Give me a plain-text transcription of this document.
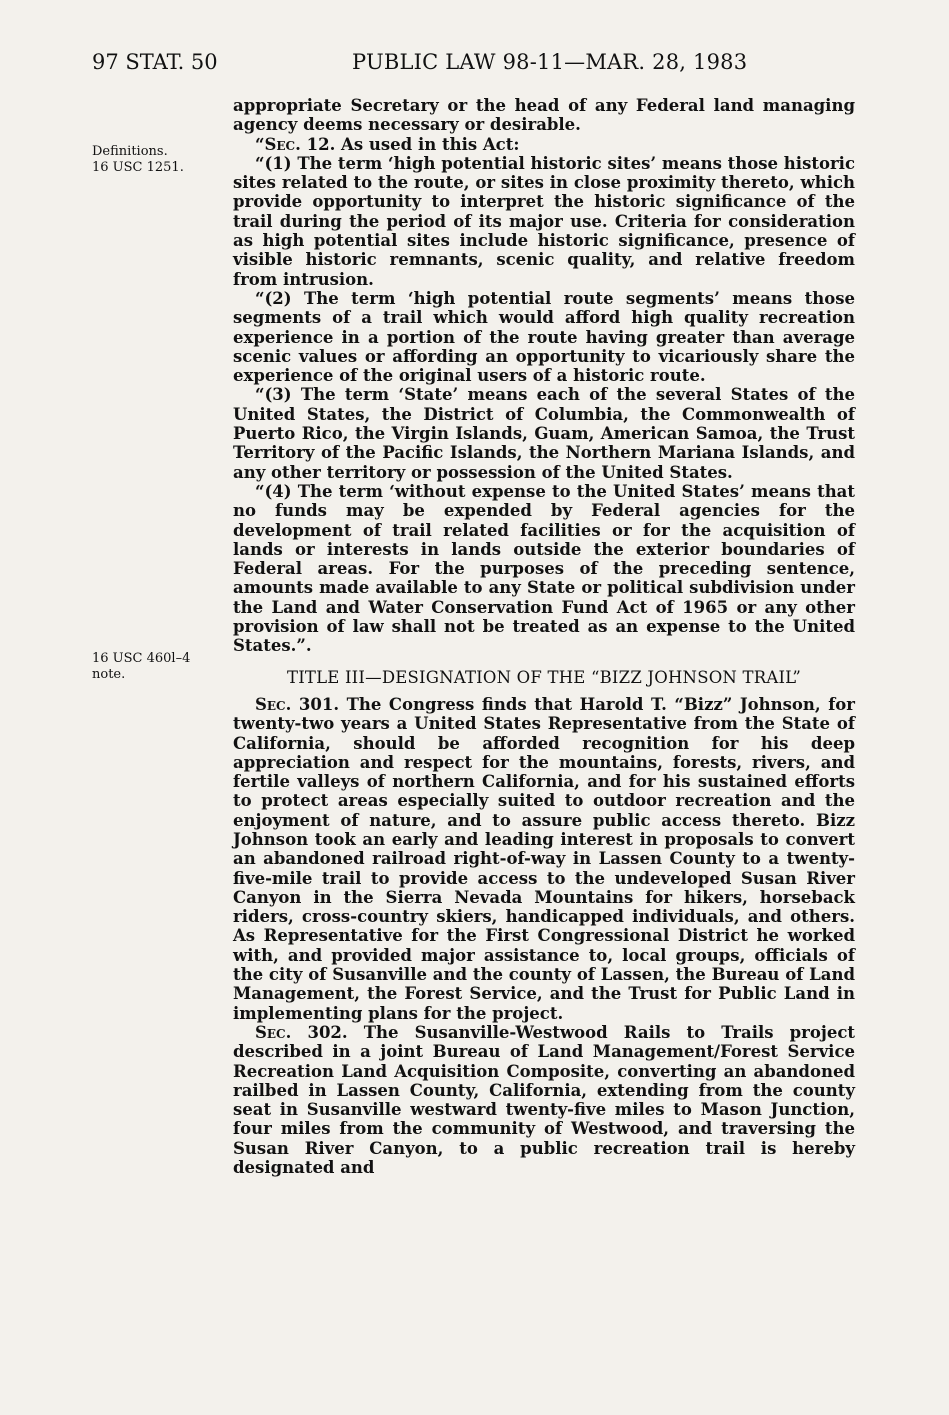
97 STAT. 50	PUBLIC LAW 98-11—MAR. 28, 1983
Definitions.
16 USC 1251.
16 USC 460l–4
note.

appropriate Secretary or the head of any Federal land managing agency deems necessary or desirable.

“Sec. 12. As used in this Act:

“(1) The term ‘high potential historic sites’ means those historic sites related to the route, or sites in close proximity thereto, which provide opportunity to interpret the historic significance of the trail during the period of its major use. Criteria for consideration as high potential sites include historic significance, presence of visible historic remnants, scenic quality, and relative freedom from intrusion.

“(2) The term ‘high potential route segments’ means those segments of a trail which would afford high quality recreation experience in a portion of the route having greater than average scenic values or affording an opportunity to vicariously share the experience of the original users of a historic route.

“(3) The term ‘State’ means each of the several States of the United States, the District of Columbia, the Commonwealth of Puerto Rico, the Virgin Islands, Guam, American Samoa, the Trust Territory of the Pacific Islands, the Northern Mariana Islands, and any other territory or possession of the United States.

“(4) The term ‘without expense to the United States’ means that no funds may be expended by Federal agencies for the development of trail related facilities or for the acquisition of lands or interests in lands outside the exterior boundaries of Federal areas. For the purposes of the preceding sentence, amounts made available to any State or political subdivision under the Land and Water Conservation Fund Act of 1965 or any other provision of law shall not be treated as an expense to the United States.”.

TITLE III—DESIGNATION OF THE “BIZZ JOHNSON TRAIL”

Sec. 301. The Congress finds that Harold T. “Bizz” Johnson, for twenty-two years a United States Representative from the State of California, should be afforded recognition for his deep appreciation and respect for the mountains, forests, rivers, and fertile valleys of northern California, and for his sustained efforts to protect areas especially suited to outdoor recreation and the enjoyment of nature, and to assure public access thereto. Bizz Johnson took an early and leading interest in proposals to convert an abandoned railroad right-of-way in Lassen County to a twenty-five-mile trail to provide access to the undeveloped Susan River Canyon in the Sierra Nevada Mountains for hikers, horseback riders, cross-country skiers, handicapped individuals, and others. As Representative for the First Congressional District he worked with, and provided major assistance to, local groups, officials of the city of Susanville and the county of Lassen, the Bureau of Land Management, the Forest Service, and the Trust for Public Land in implementing plans for the project.

Sec. 302. The Susanville-Westwood Rails to Trails project described in a joint Bureau of Land Management/Forest Service Recreation Land Acquisition Composite, converting an abandoned railbed in Lassen County, California, extending from the county seat in Susanville westward twenty-five miles to Mason Junction, four miles from the community of Westwood, and traversing the Susan River Canyon, to a public recreation trail is hereby designated and
